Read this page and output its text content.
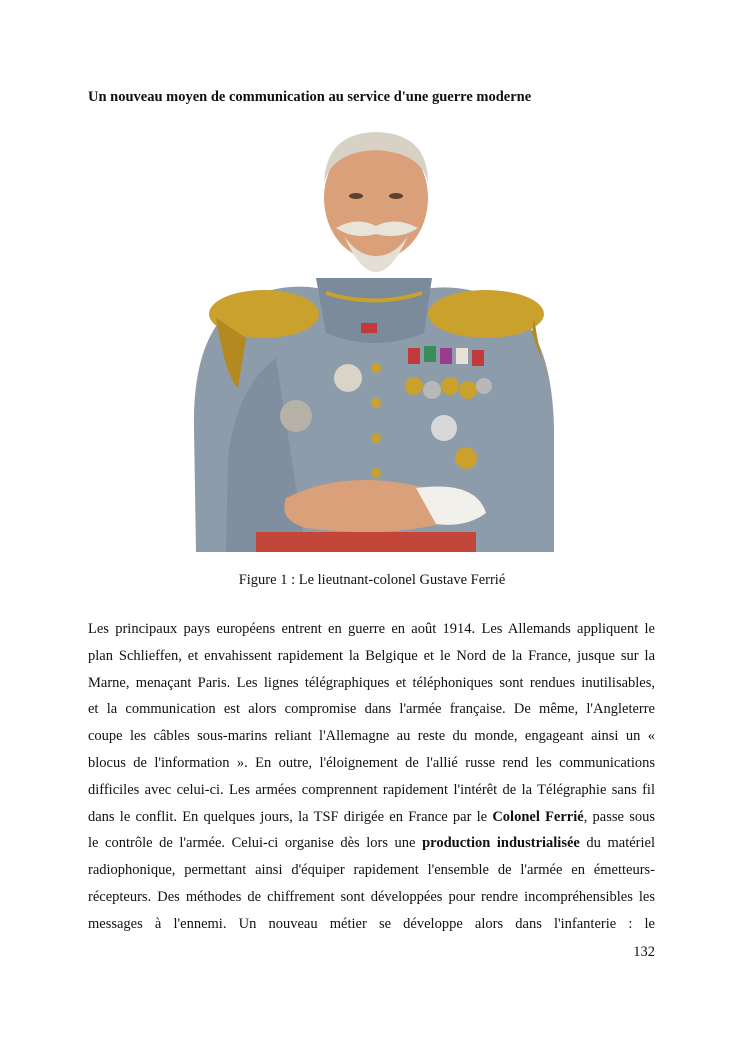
Un nouveau moyen de communication au service d'une guerre moderne
Figure 1 : Le lieutnant-colonel Gustave Ferrié
Les principaux pays européens entrent en guerre en août 1914. Les Allemands appliquent le
plan Schlieffen, et envahissent rapidement la Belgique et le Nord de la France, jusque sur la
Marne, menaçant Paris. Les lignes télégraphiques et téléphoniques sont rendues inutilisables,
et la communication est alors compromise dans l'armée française. De même, l'Angleterre
coupe les câbles sous-marins reliant l'Allemagne au reste du monde, engageant ainsi un «
blocus de l'information ». En outre, l'éloignement de l'allié russe rend les communications
difficiles avec celui-ci. Les armées comprennent rapidement l'intérêt de la Télégraphie sans fil
dans le conflit. En quelques jours, la TSF dirigée en France par le Colonel Ferrié, passe sous
le contrôle de l'armée. Celui-ci organise dès lors une production industrialisée du matériel
radiophonique, permettant ainsi d'équiper rapidement l'ensemble de l'armée en émetteurs-
récepteurs. Des méthodes de chiffrement sont développées pour rendre incompréhensibles les
messages à l'ennemi. Un nouveau métier se développe alors dans l'infanterie : le
132
